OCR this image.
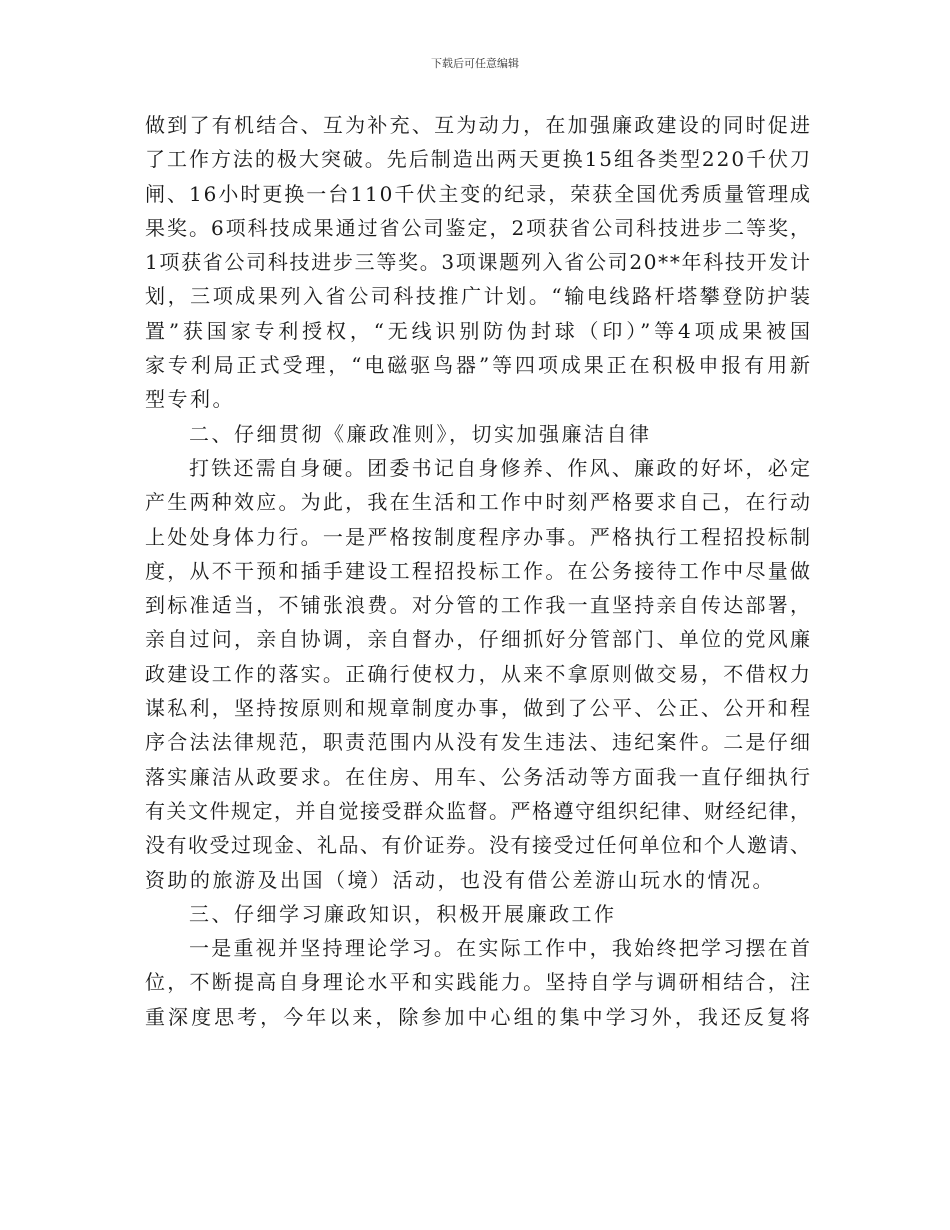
下载后可任意编辑
做到了有机结合、互为补充、互为动力，在加强廉政建设的同时促进
了工作方法的极大突破。先后制造出两天更换15组各类型220千伏刀
闸、16小时更换一台110千伏主变的纪录，荣获全国优秀质量管理成
果奖。6项科技成果通过省公司鉴定，2项获省公司科技进步二等奖，
1项获省公司科技进步三等奖。3项课题列入省公司20**年科技开发计
划，三项成果列入省公司科技推广计划。“输电线路杆塔攀登防护装
置”获国家专利授权，“无线识别防伪封球（印）”等4项成果被国
家专利局正式受理，“电磁驱鸟器”等四项成果正在积极申报有用新
型专利。
二、仔细贯彻《廉政准则》，切实加强廉洁自律
打铁还需自身硬。团委书记自身修养、作风、廉政的好坏，必定
产生两种效应。为此，我在生活和工作中时刻严格要求自己，在行动
上处处身体力行。一是严格按制度程序办事。严格执行工程招投标制
度，从不干预和插手建设工程招投标工作。在公务接待工作中尽量做
到标准适当，不铺张浪费。对分管的工作我一直坚持亲自传达部署，
亲自过问，亲自协调，亲自督办，仔细抓好分管部门、单位的党风廉
政建设工作的落实。正确行使权力，从来不拿原则做交易，不借权力
谋私利，坚持按原则和规章制度办事，做到了公平、公正、公开和程
序合法法律规范，职责范围内从没有发生违法、违纪案件。二是仔细
落实廉洁从政要求。在住房、用车、公务活动等方面我一直仔细执行
有关文件规定，并自觉接受群众监督。严格遵守组织纪律、财经纪律，
没有收受过现金、礼品、有价证券。没有接受过任何单位和个人邀请、
资助的旅游及出国（境）活动，也没有借公差游山玩水的情况。
三、仔细学习廉政知识，积极开展廉政工作
一是重视并坚持理论学习。在实际工作中，我始终把学习摆在首
位，不断提高自身理论水平和实践能力。坚持自学与调研相结合，注
重深度思考，今年以来，除参加中心组的集中学习外，我还反复将
